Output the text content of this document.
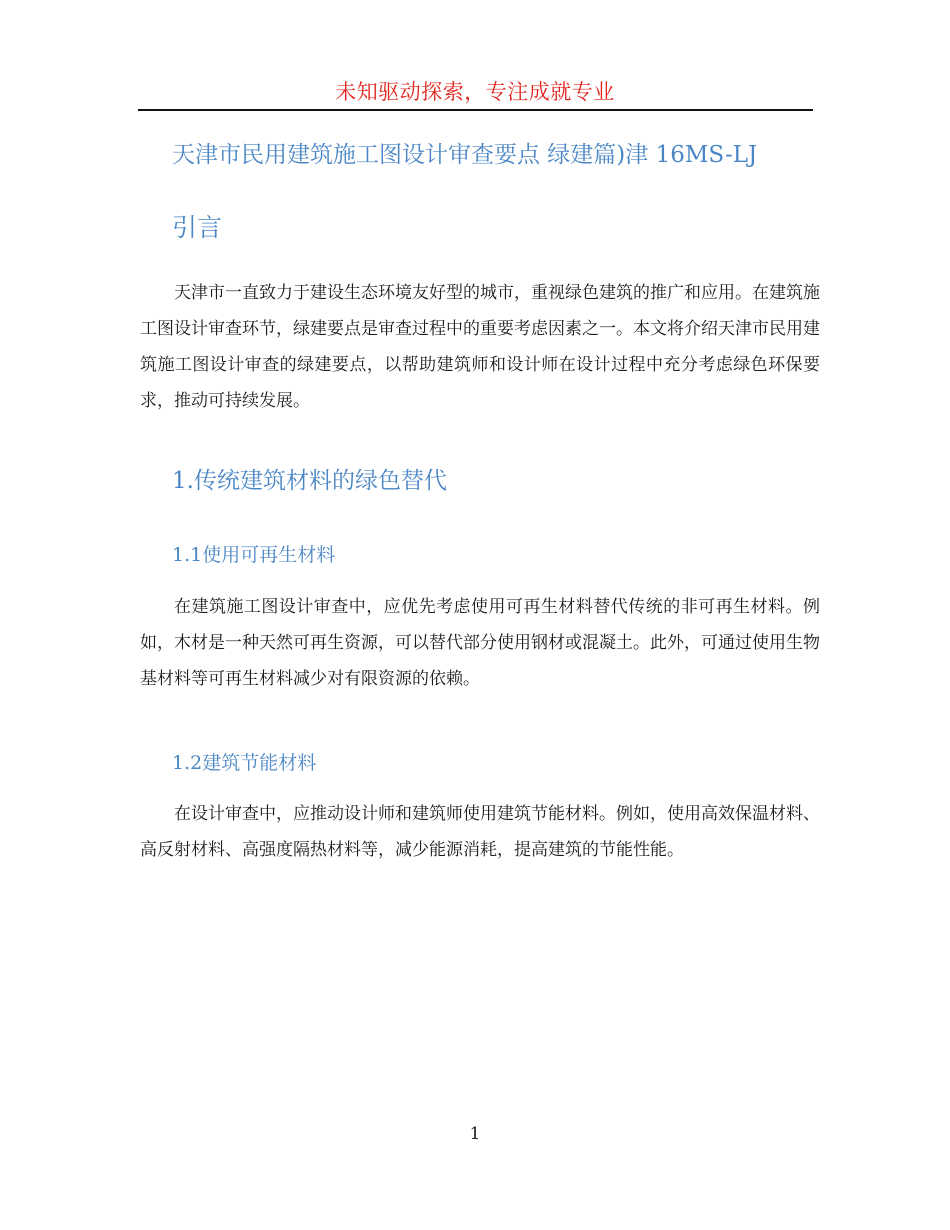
未知驱动探索，专注成就专业
天津市民用建筑施工图设计审查要点 绿建篇)津 16MS-LJ
引言

天津市一直致力于建设生态环境友好型的城市，重视绿色建筑的推广和应用。在建筑施工图设计审查环节，绿建要点是审查过程中的重要考虑因素之一。本文将介绍天津市民用建筑施工图设计审查的绿建要点，以帮助建筑师和设计师在设计过程中充分考虑绿色环保要求，推动可持续发展。

1.传统建筑材料的绿色替代
1.1使用可再生材料

在建筑施工图设计审查中，应优先考虑使用可再生材料替代传统的非可再生材料。例如，木材是一种天然可再生资源，可以替代部分使用钢材或混凝土。此外，可通过使用生物基材料等可再生材料减少对有限资源的依赖。

1.2建筑节能材料

在设计审查中，应推动设计师和建筑师使用建筑节能材料。例如，使用高效保温材料、高反射材料、高强度隔热材料等，减少能源消耗，提高建筑的节能性能。

1
